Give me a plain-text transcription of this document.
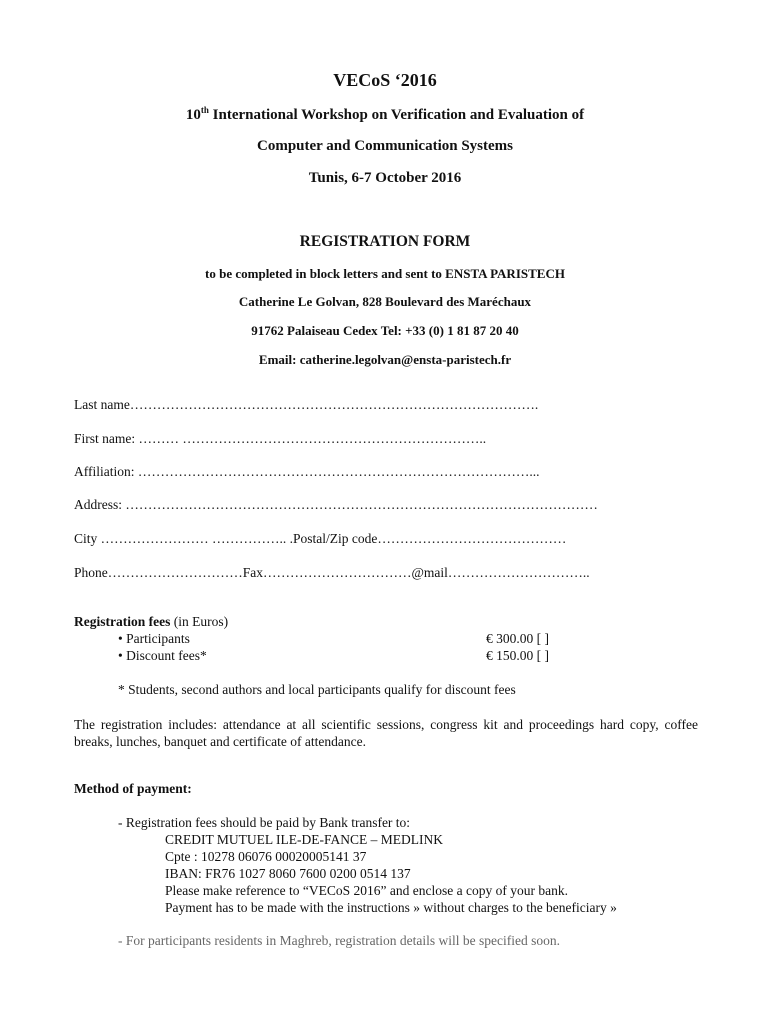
VECoS ‘2016
10th International Workshop on Verification and Evaluation of
Computer and Communication Systems
Tunis, 6-7 October 2016
REGISTRATION FORM
to be completed in block letters and sent to ENSTA PARISTECH
Catherine Le Golvan, 828 Boulevard des Maréchaux
91762 Palaiseau Cedex Tel: +33 (0) 1 81 87 20 40
Email: catherine.legolvan@ensta-paristech.fr
Last name……………………………………………………………………………….
First name: ……… …………………………………………………………..
Affiliation: ……………………………………………………………………………...
Address: ……………………………………………………………………………………………
City …………………… …………….. .Postal/Zip code……………………………………
Phone…………………………Fax……………………………@mail…………………………..
Registration fees (in Euros)
• Participants	€ 300.00 [ ]
• Discount fees*	€ 150.00 [ ]
* Students, second authors and local participants qualify for discount fees
The registration includes: attendance at all scientific sessions, congress kit and proceedings hard copy, coffee breaks, lunches, banquet and certificate of attendance.
Method of payment:
- Registration fees should be paid by Bank transfer to:
CREDIT MUTUEL ILE-DE-FANCE – MEDLINK
Cpte : 10278 06076 00020005141 37
IBAN: FR76 1027 8060 7600 0200 0514 137
Please make reference to “VECoS 2016” and enclose a copy of your bank.
Payment has to be made with the instructions » without charges to the beneficiary »
- For participants residents in Maghreb, registration details will be specified soon.
